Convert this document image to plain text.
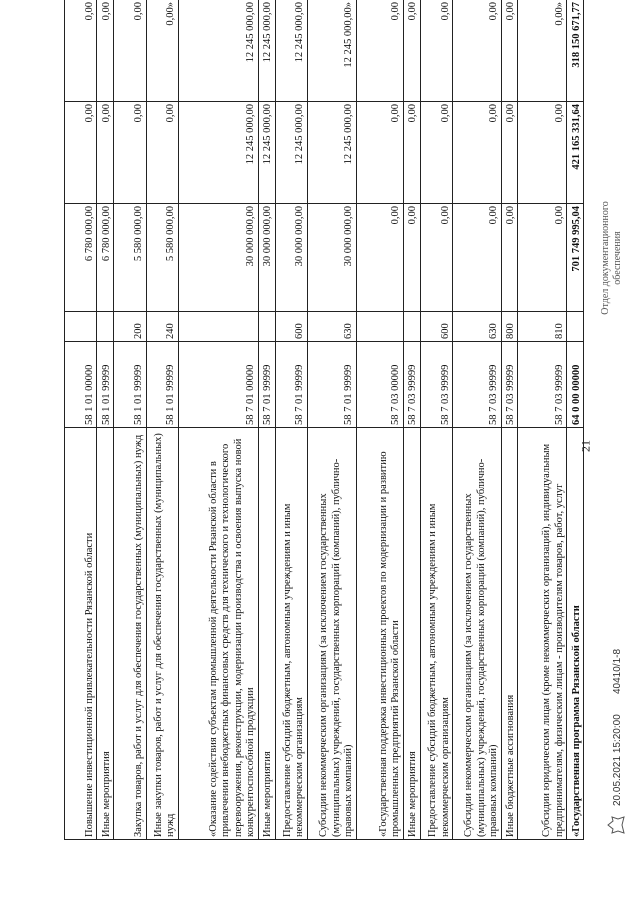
21
Повышение инвестиционной привлекательности Рязанской области	58 1 01 00000		6 780 000,00	0,00	0,00
Иные мероприятия	58 1 01 99999		6 780 000,00	0,00	0,00
Закупка товаров, работ и услуг для обеспечения государственных (муниципальных) нужд	58 1 01 99999	200	5 580 000,00	0,00	0,00
Иные закупки товаров, работ и услуг для обеспечения государственных (муниципальных) нужд	58 1 01 99999	240	5 580 000,00	0,00	0,00»
«Оказание содействия субъектам промышленной деятельности Рязанской области в привлечении внебюджетных финансовых средств для технического и технологического перевооружения, реконструкции, модернизации производства и освоения выпуска новой конкурентоспособной продукции	58 7 01 00000		30 000 000,00	12 245 000,00	12 245 000,00
Иные мероприятия	58 7 01 99999		30 000 000,00	12 245 000,00	12 245 000,00
Предоставление субсидий бюджетным, автономным учреждениям и иным некоммерческим организациям	58 7 01 99999	600	30 000 000,00	12 245 000,00	12 245 000,00
Субсидии некоммерческим организациям (за исключением государственных (муниципальных) учреждений, государственных корпораций (компаний), публично-правовых компаний)	58 7 01 99999	630	30 000 000,00	12 245 000,00	12 245 000,00»
«Государственная поддержка инвестиционных проектов по модернизации и развитию промышленных предприятий Рязанской области	58 7 03 00000		0,00	0,00	0,00
Иные мероприятия	58 7 03 99999		0,00	0,00	0,00
Предоставление субсидий бюджетным, автономным учреждениям и иным некоммерческим организациям	58 7 03 99999	600	0,00	0,00	0,00
Субсидии некоммерческим организациям (за исключением государственных (муниципальных) учреждений, государственных корпораций (компаний), публично-правовых компаний)	58 7 03 99999	630	0,00	0,00	0,00
Иные бюджетные ассигнования	58 7 03 99999	800	0,00	0,00	0,00
Субсидии юридическим лицам (кроме некоммерческих организаций), индивидуальным предпринимателям, физическим лицам - производителям товаров, работ, услуг	58 7 03 99999	810	0,00	0,00	0,00»
«Государственная программа Рязанской области	64 0 00 00000		701 749 995,04	421 165 331,64	318 150 671,77
20.05.2021 15:20:00
40410/1-8
Отдел документационного обеспечения
